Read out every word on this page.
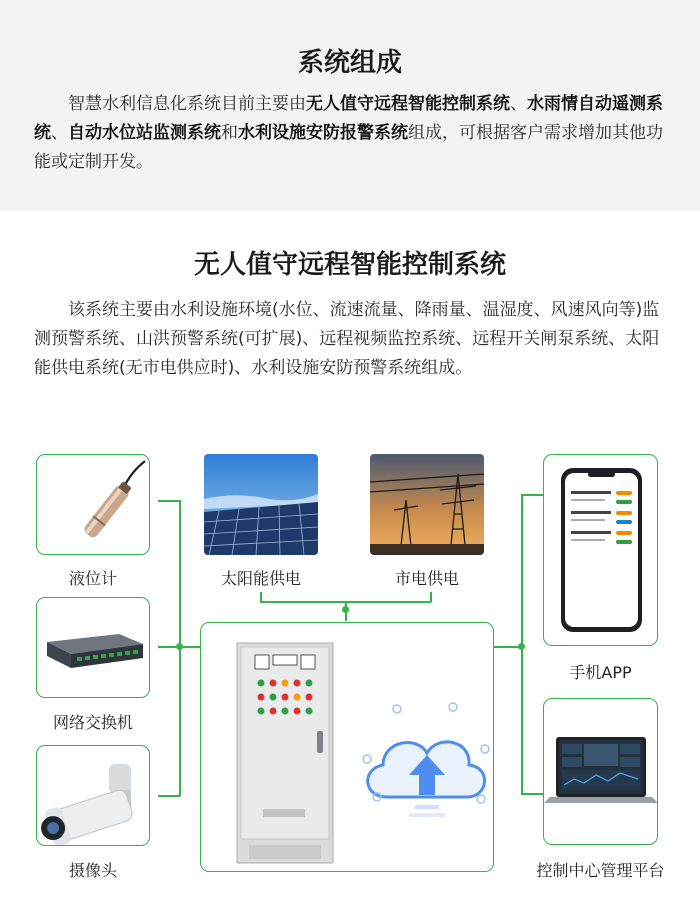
系统组成

智慧水利信息化系统目前主要由无人值守远程智能控制系统、水雨情自动遥测系统、自动水位站监测系统和水利设施安防报警系统组成，可根据客户需求增加其他功能或定制开发。

无人值守远程智能控制系统

该系统主要由水利设施环境(水位、流速流量、降雨量、温湿度、风速风向等)监测预警系统、山洪预警系统(可扩展)、远程视频监控系统、远程开关闸泵系统、太阳能供电系统(无市电供应时)、水利设施安防预警系统组成。

液位计
网络交换机
摄像头
太阳能供电	市电供电
手机APP
控制中心管理平台
